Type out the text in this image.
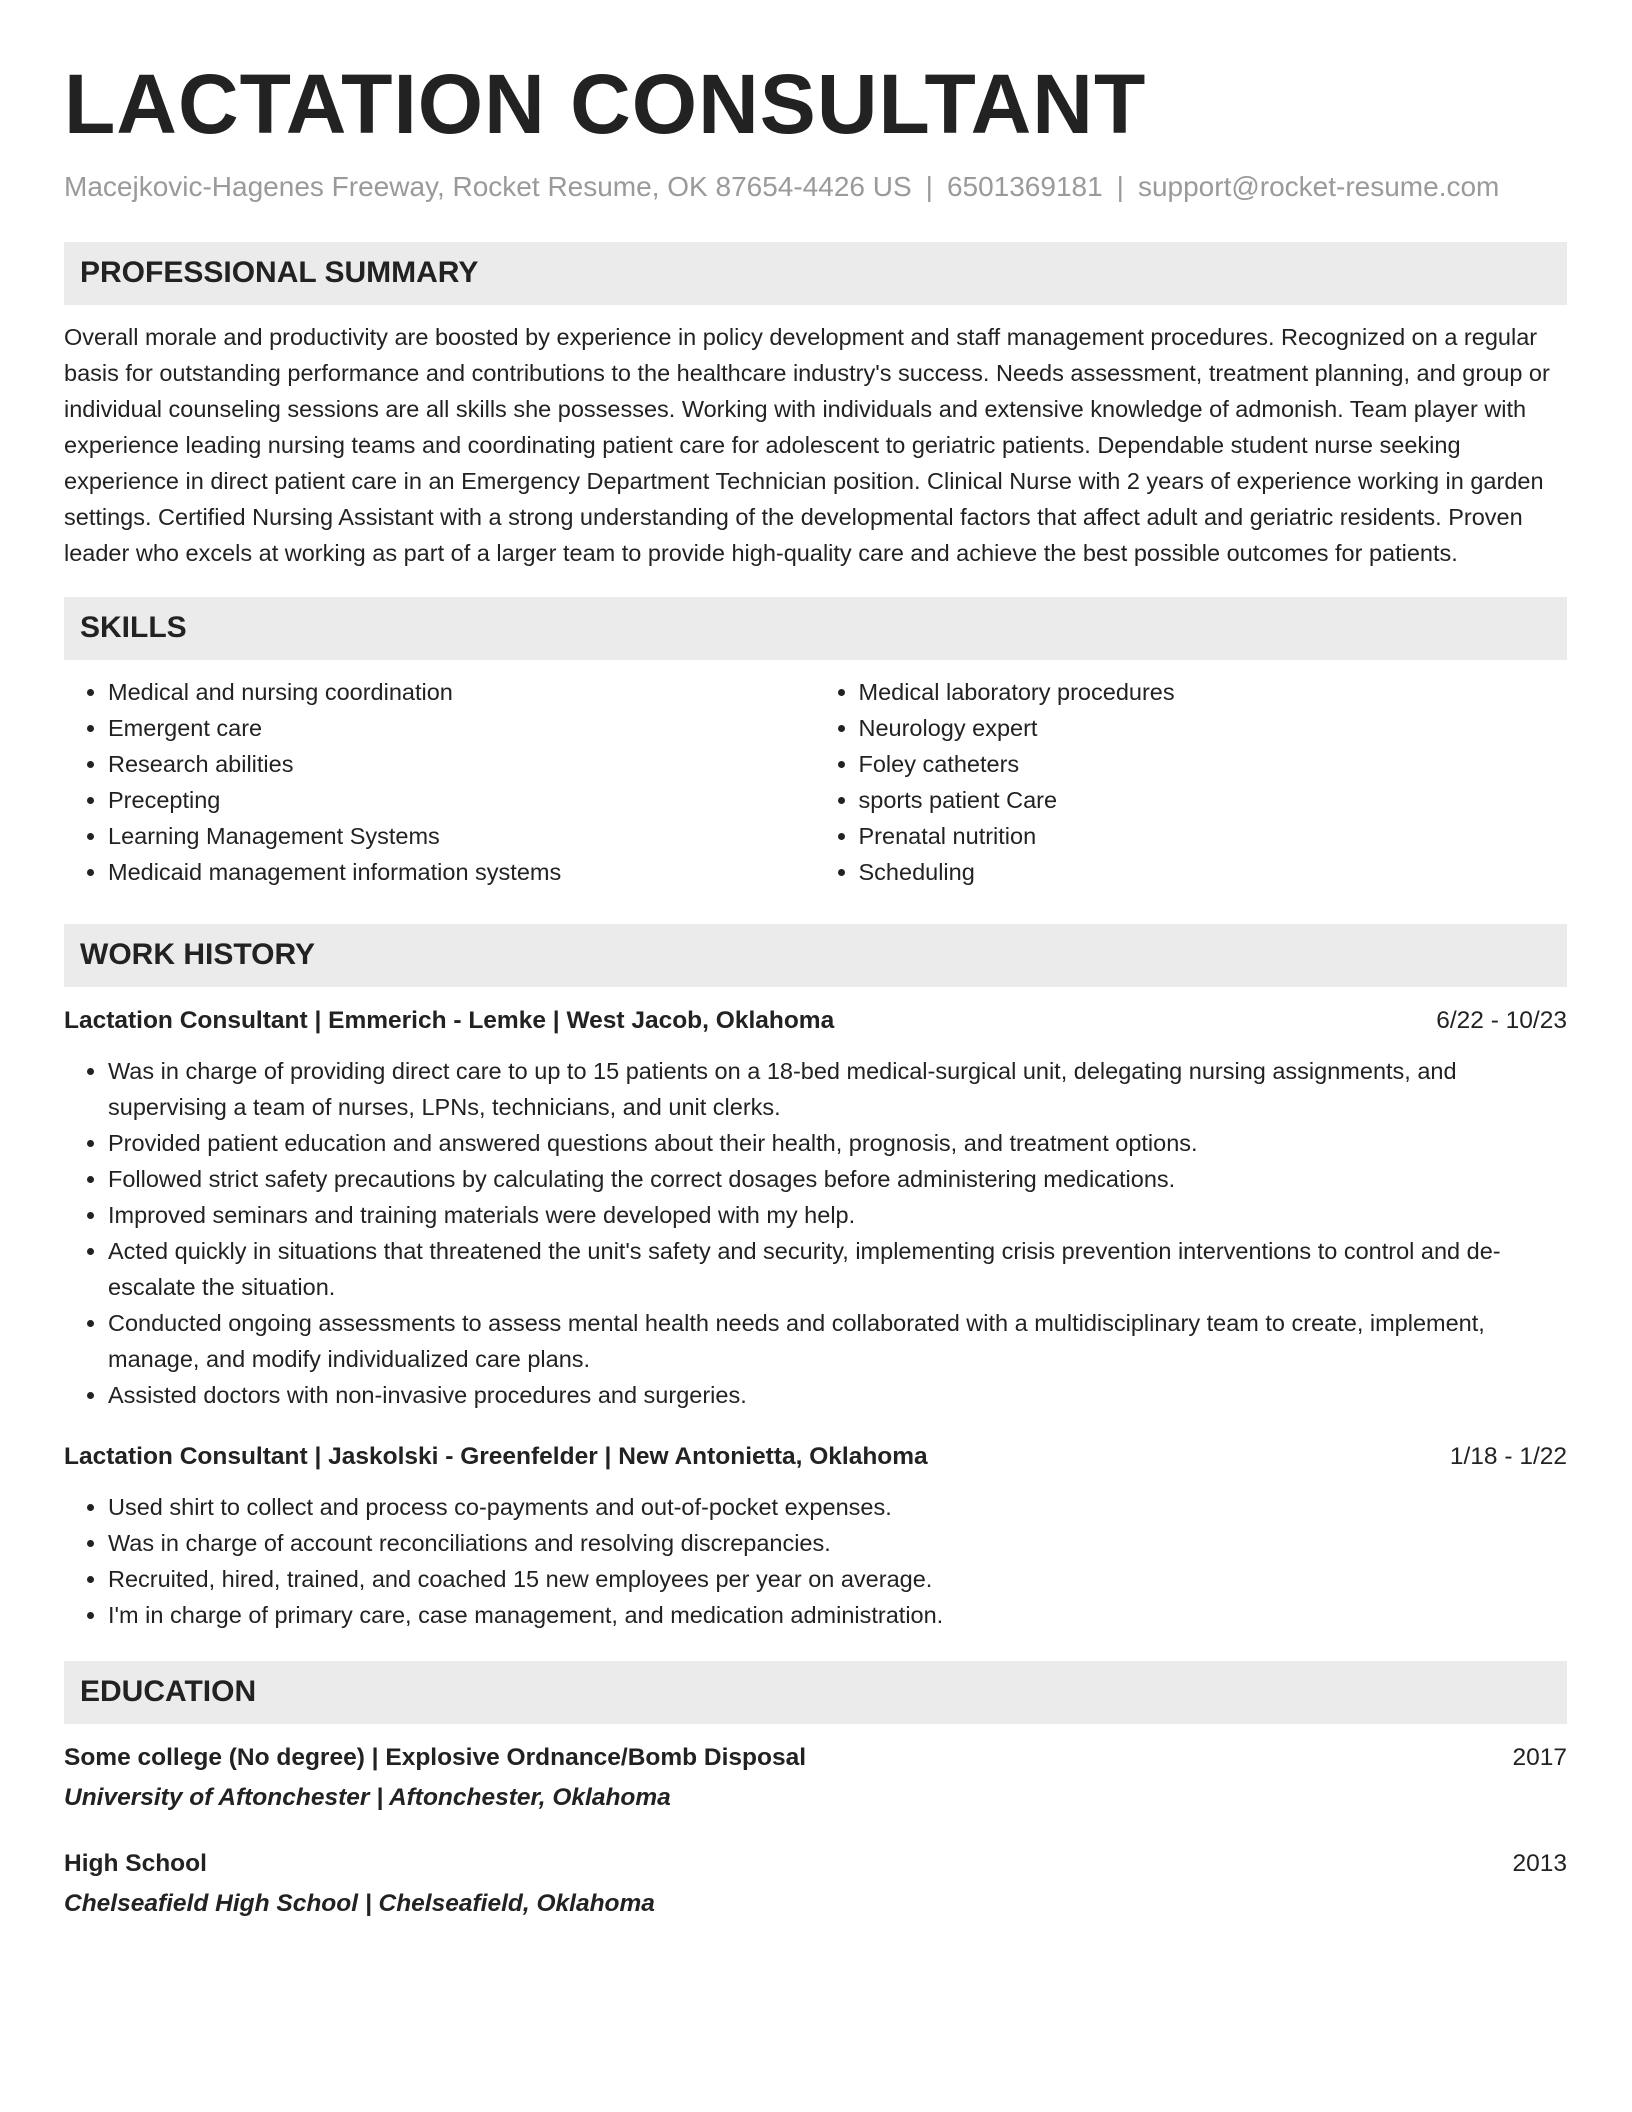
LACTATION CONSULTANT
Macejkovic-Hagenes Freeway, Rocket Resume, OK 87654-4426 US | 6501369181 | support@rocket-resume.com
PROFESSIONAL SUMMARY

Overall morale and productivity are boosted by experience in policy development and staff management procedures. Recognized on a regular basis for outstanding performance and contributions to the healthcare industry's success. Needs assessment, treatment planning, and group or individual counseling sessions are all skills she possesses. Working with individuals and extensive knowledge of admonish. Team player with experience leading nursing teams and coordinating patient care for adolescent to geriatric patients. Dependable student nurse seeking experience in direct patient care in an Emergency Department Technician position. Clinical Nurse with 2 years of experience working in garden settings. Certified Nursing Assistant with a strong understanding of the developmental factors that affect adult and geriatric residents. Proven leader who excels at working as part of a larger team to provide high-quality care and achieve the best possible outcomes for patients.

SKILLS
• Medical and nursing coordination
• Emergent care
• Research abilities
• Precepting
• Learning Management Systems
• Medicaid management information systems
• Medical laboratory procedures
• Neurology expert
• Foley catheters
• sports patient Care
• Prenatal nutrition
• Scheduling
WORK HISTORY
Lactation Consultant | Emmerich - Lemke | West Jacob, Oklahoma	6/22 - 10/23
• Was in charge of providing direct care to up to 15 patients on a 18-bed medical-surgical unit, delegating nursing assignments, and supervising a team of nurses, LPNs, technicians, and unit clerks.
• Provided patient education and answered questions about their health, prognosis, and treatment options.
• Followed strict safety precautions by calculating the correct dosages before administering medications.
• Improved seminars and training materials were developed with my help.
• Acted quickly in situations that threatened the unit's safety and security, implementing crisis prevention interventions to control and de-escalate the situation.
• Conducted ongoing assessments to assess mental health needs and collaborated with a multidisciplinary team to create, implement, manage, and modify individualized care plans.
• Assisted doctors with non-invasive procedures and surgeries.
Lactation Consultant | Jaskolski - Greenfelder | New Antonietta, Oklahoma	1/18 - 1/22
• Used shirt to collect and process co-payments and out-of-pocket expenses.
• Was in charge of account reconciliations and resolving discrepancies.
• Recruited, hired, trained, and coached 15 new employees per year on average.
• I'm in charge of primary care, case management, and medication administration.
EDUCATION
Some college (No degree) | Explosive Ordnance/Bomb Disposal	2017
University of Aftonchester | Aftonchester, Oklahoma
High School	2013
Chelseafield High School | Chelseafield, Oklahoma
